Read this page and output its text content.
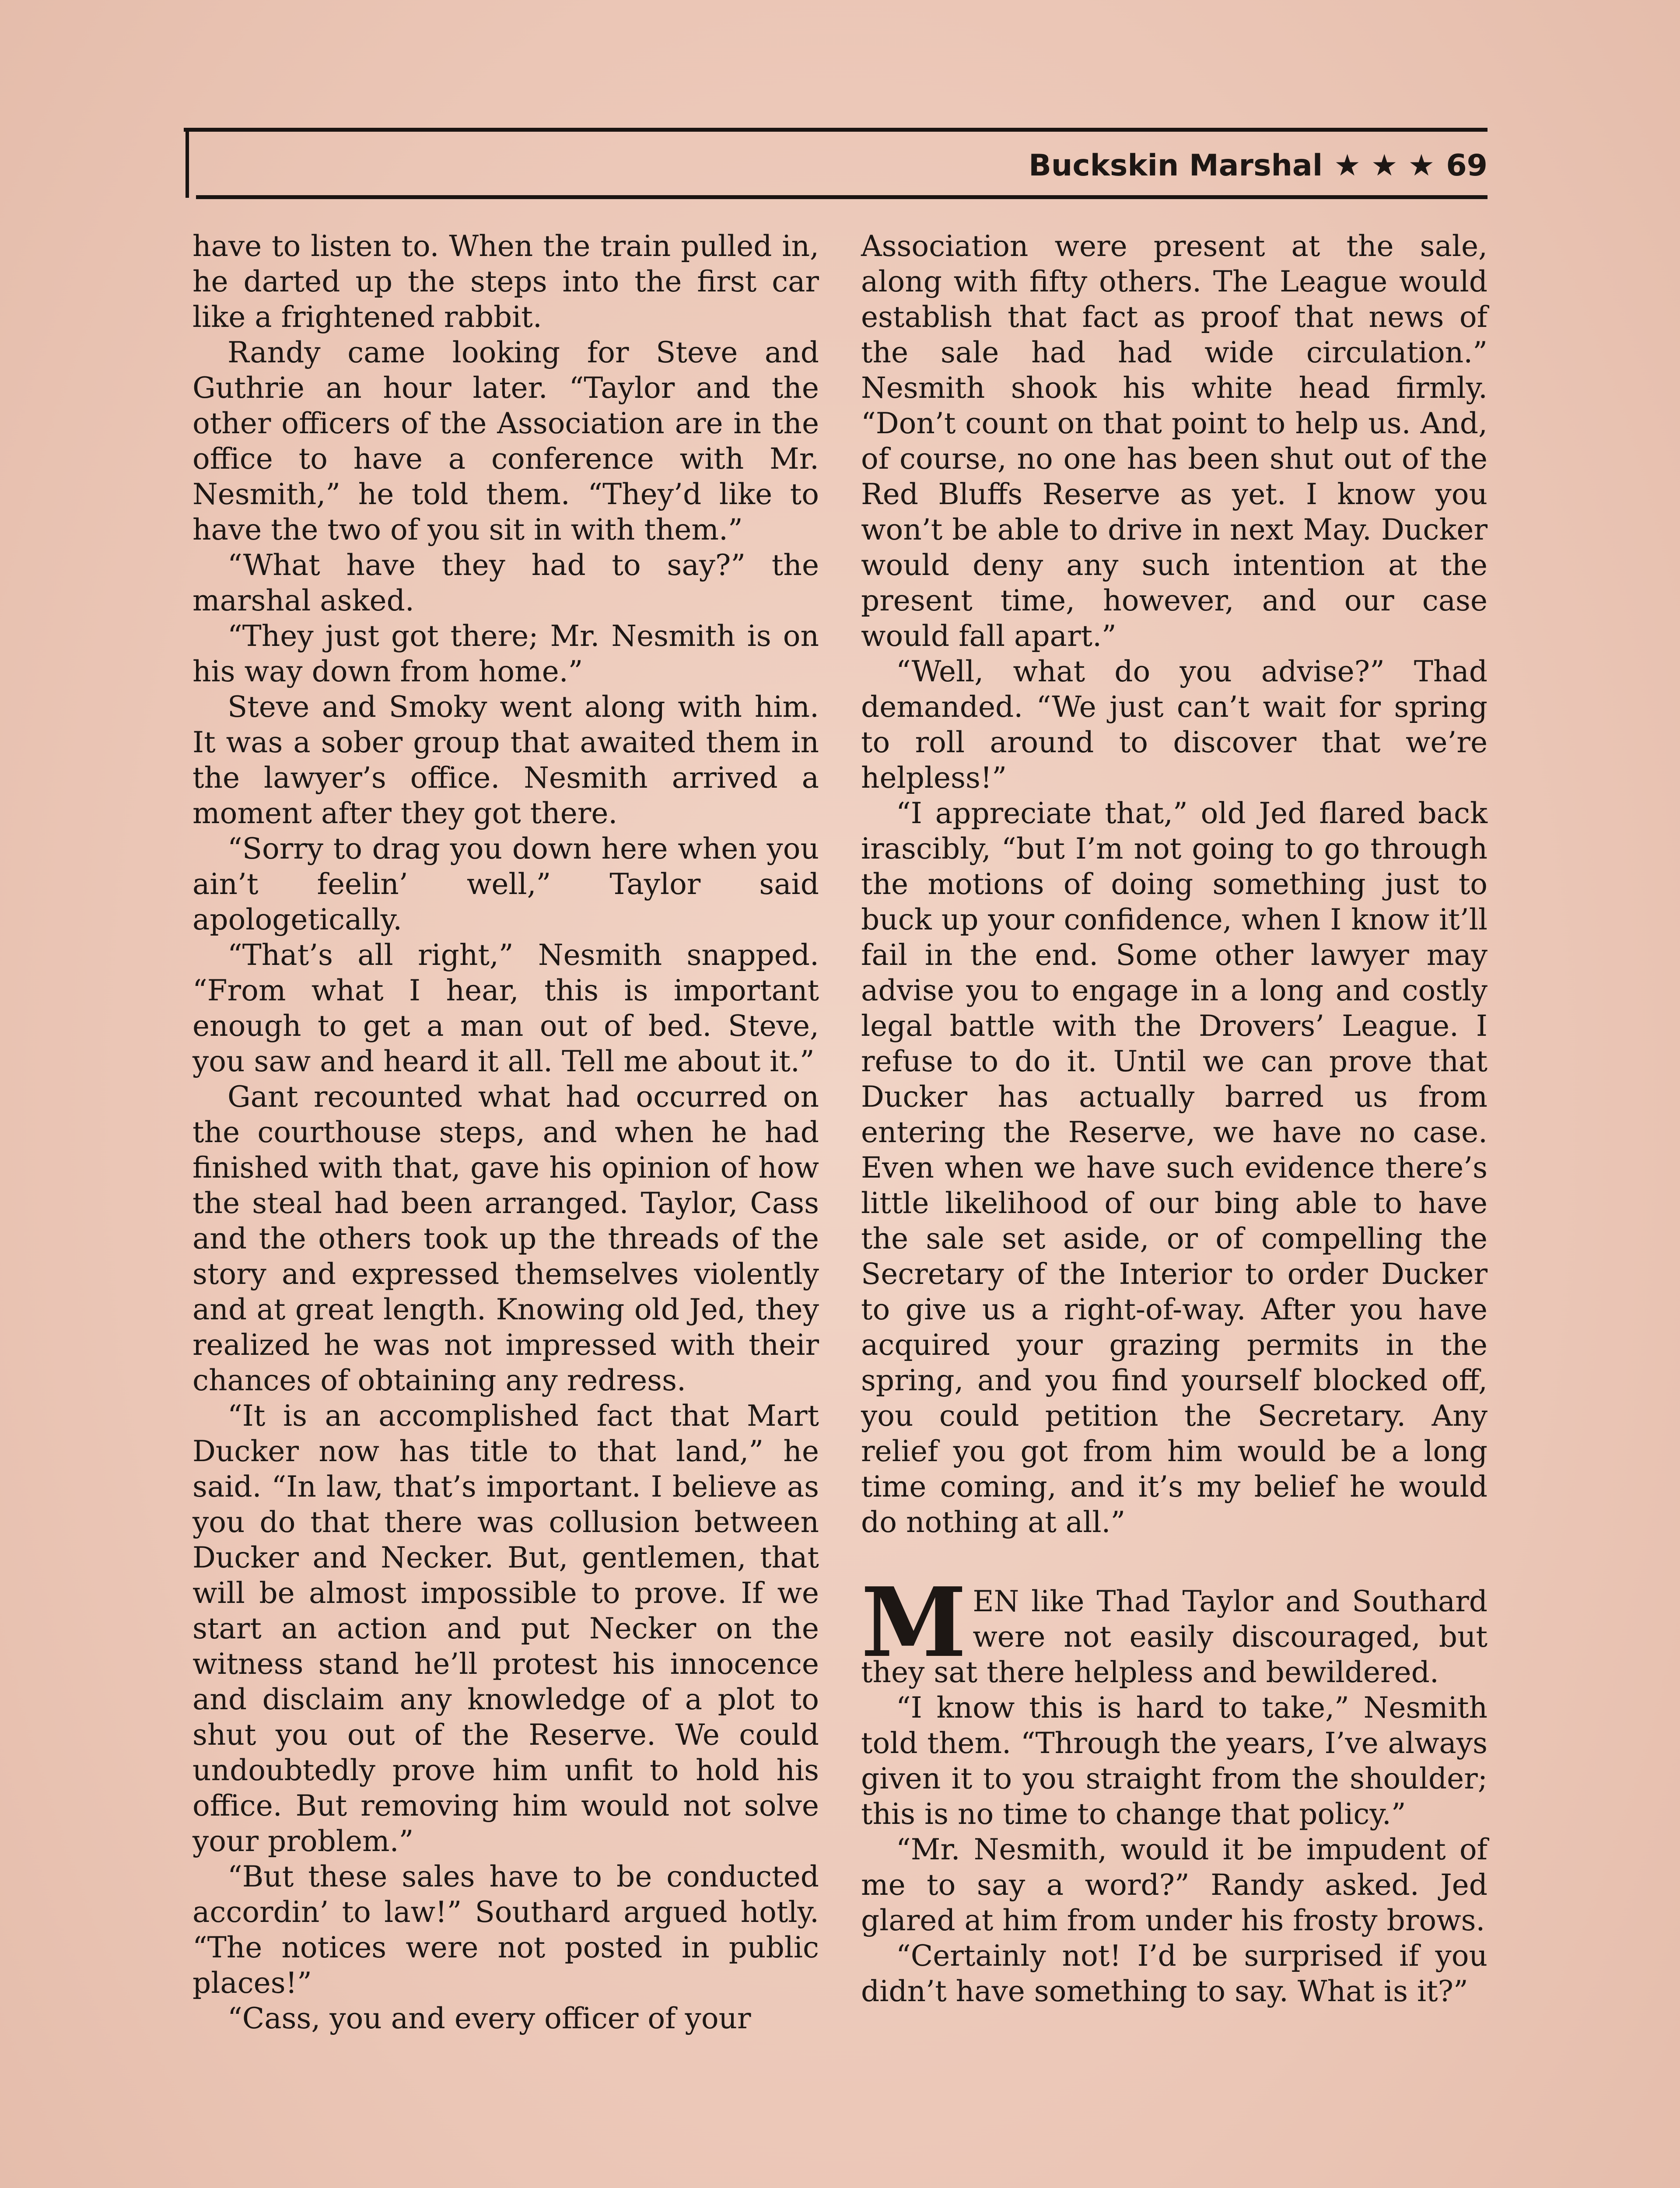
Buckskin Marshal ★ ★ ★ 69

have to listen to. When the train pulled in, he darted up the steps into the first car like a frightened rabbit.

Randy came looking for Steve and Guthrie an hour later. “Taylor and the other officers of the Association are in the office to have a conference with Mr. Nesmith,” he told them. “They’d like to have the two of you sit in with them.”

“What have they had to say?” the marshal asked.

“They just got there; Mr. Nesmith is on his way down from home.”

Steve and Smoky went along with him. It was a sober group that awaited them in the lawyer’s office. Nesmith arrived a moment after they got there.

“Sorry to drag you down here when you ain’t feelin’ well,” Taylor said apologetically.

“That’s all right,” Nesmith snapped. “From what I hear, this is important enough to get a man out of bed. Steve, you saw and heard it all. Tell me about it.”

Gant recounted what had occurred on the courthouse steps, and when he had finished with that, gave his opinion of how the steal had been arranged. Taylor, Cass and the others took up the threads of the story and expressed themselves violently and at great length. Knowing old Jed, they realized he was not impressed with their chances of obtaining any redress.

“It is an accomplished fact that Mart Ducker now has title to that land,” he said. “In law, that’s important. I believe as you do that there was collusion between Ducker and Necker. But, gentlemen, that will be almost impossible to prove. If we start an action and put Necker on the witness stand he’ll protest his innocence and disclaim any knowledge of a plot to shut you out of the Reserve. We could undoubtedly prove him unfit to hold his office. But removing him would not solve your problem.”

“But these sales have to be conducted accordin’ to law!” Southard argued hotly. “The notices were not posted in public places!”

“Cass, you and every officer of your

Association were present at the sale, along with fifty others. The League would establish that fact as proof that news of the sale had had wide circulation.” Nesmith shook his white head firmly. “Don’t count on that point to help us. And, of course, no one has been shut out of the Red Bluffs Reserve as yet. I know you won’t be able to drive in next May. Ducker would deny any such intention at the present time, however, and our case would fall apart.”

“Well, what do you advise?” Thad demanded. “We just can’t wait for spring to roll around to discover that we’re helpless!”

“I appreciate that,” old Jed flared back irascibly, “but I’m not going to go through the motions of doing something just to buck up your confidence, when I know it’ll fail in the end. Some other lawyer may advise you to engage in a long and costly legal battle with the Drovers’ League. I refuse to do it. Until we can prove that Ducker has actually barred us from entering the Reserve, we have no case. Even when we have such evidence there’s little likelihood of our bing able to have the sale set aside, or of compelling the Secretary of the Interior to order Ducker to give us a right-of-way. After you have acquired your grazing permits in the spring, and you find yourself blocked off, you could petition the Secretary. Any relief you got from him would be a long time coming, and it’s my belief he would do nothing at all.”

MEN like Thad Taylor and Southard were not easily discouraged, but they sat there helpless and bewildered.

“I know this is hard to take,” Nesmith told them. “Through the years, I’ve always given it to you straight from the shoulder; this is no time to change that policy.”

“Mr. Nesmith, would it be impudent of me to say a word?” Randy asked. Jed glared at him from under his frosty brows.

“Certainly not! I’d be surprised if you didn’t have something to say. What is it?”
